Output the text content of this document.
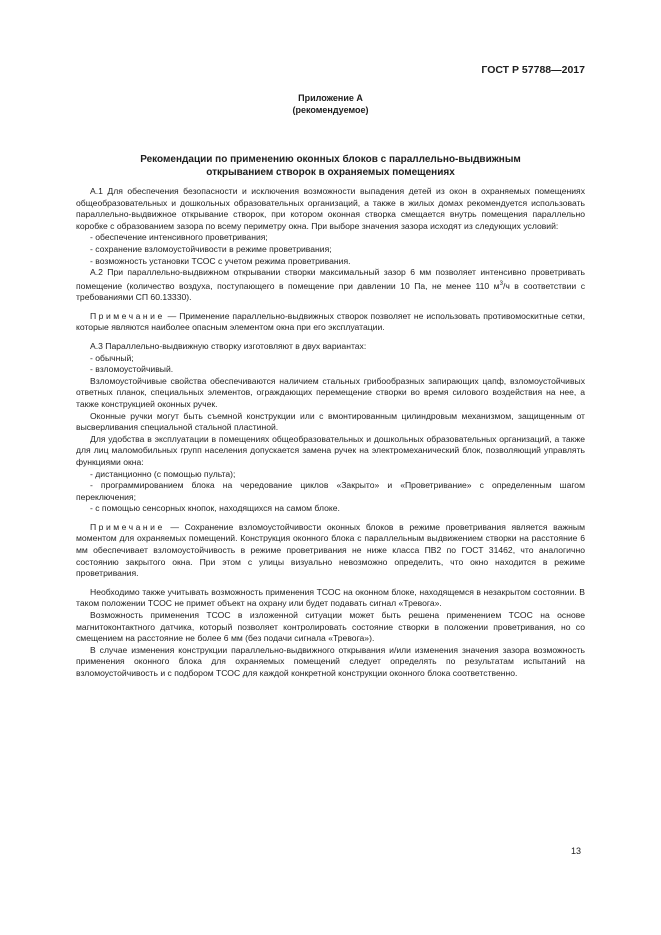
ГОСТ Р 57788—2017
Приложение А
(рекомендуемое)
Рекомендации по применению оконных блоков с параллельно-выдвижным
открыванием створок в охраняемых помещениях

А.1 Для обеспечения безопасности и исключения возможности выпадения детей из окон в охраняемых помещениях общеобразовательных и дошкольных образовательных организаций, а также в жилых домах рекомендуется использовать параллельно-выдвижное открывание створок, при котором оконная створка смещается внутрь помещения параллельно коробке с образованием зазора по всему периметру окна. При выборе значения зазора исходят из следующих условий:

- обеспечение интенсивного проветривания;

- сохранение взломоустойчивости в режиме проветривания;

- возможность установки ТСОС с учетом режима проветривания.

А.2 При параллельно-выдвижном открывании створки максимальный зазор 6 мм позволяет интенсивно проветривать помещение (количество воздуха, поступающего в помещение при давлении 10 Па, не менее 110 $м^3/ч$ в соответствии с требованиями СП 60.13330).

Примечание — Применение параллельно-выдвижных створок позволяет не использовать противомоскитные сетки, которые являются наиболее опасным элементом окна при его эксплуатации.

А.3 Параллельно-выдвижную створку изготовляют в двух вариантах:

- обычный;

- взломоустойчивый.

Взломоустойчивые свойства обеспечиваются наличием стальных грибообразных запирающих цапф, взломоустойчивых ответных планок, специальных элементов, ограждающих перемещение створки во время силового воздействия на нее, а также конструкцией оконных ручек.

Оконные ручки могут быть съемной конструкции или с вмонтированным цилиндровым механизмом, защищенным от высверливания специальной стальной пластиной.

Для удобства в эксплуатации в помещениях общеобразовательных и дошкольных образовательных организаций, а также для лиц маломобильных групп населения допускается замена ручек на электромеханический блок, позволяющий управлять функциями окна:

- дистанционно (с помощью пульта);

- программированием блока на чередование циклов «Закрыто» и «Проветривание» с определенным шагом переключения;

- с помощью сенсорных кнопок, находящихся на самом блоке.

Примечание — Сохранение взломоустойчивости оконных блоков в режиме проветривания является важным моментом для охраняемых помещений. Конструкция оконного блока с параллельным выдвижением створки на расстояние 6 мм обеспечивает взломоустойчивость в режиме проветривания не ниже класса ПВ2 по ГОСТ 31462, что аналогично состоянию закрытого окна. При этом с улицы визуально невозможно определить, что окно находится в режиме проветривания.

Необходимо также учитывать возможность применения ТСОС на оконном блоке, находящемся в незакрытом состоянии. В таком положении ТСОС не примет объект на охрану или будет подавать сигнал «Тревога».

Возможность применения ТСОС в изложенной ситуации может быть решена применением ТСОС на основе магнитоконтактного датчика, который позволяет контролировать состояние створки в положении проветривания, но со смещением на расстояние не более 6 мм (без подачи сигнала «Тревога»).

В случае изменения конструкции параллельно-выдвижного открывания и/или изменения значения зазора возможность применения оконного блока для охраняемых помещений следует определять по результатам испытаний на взломоустойчивость и с подбором ТСОС для каждой конкретной конструкции оконного блока соответственно.

13
